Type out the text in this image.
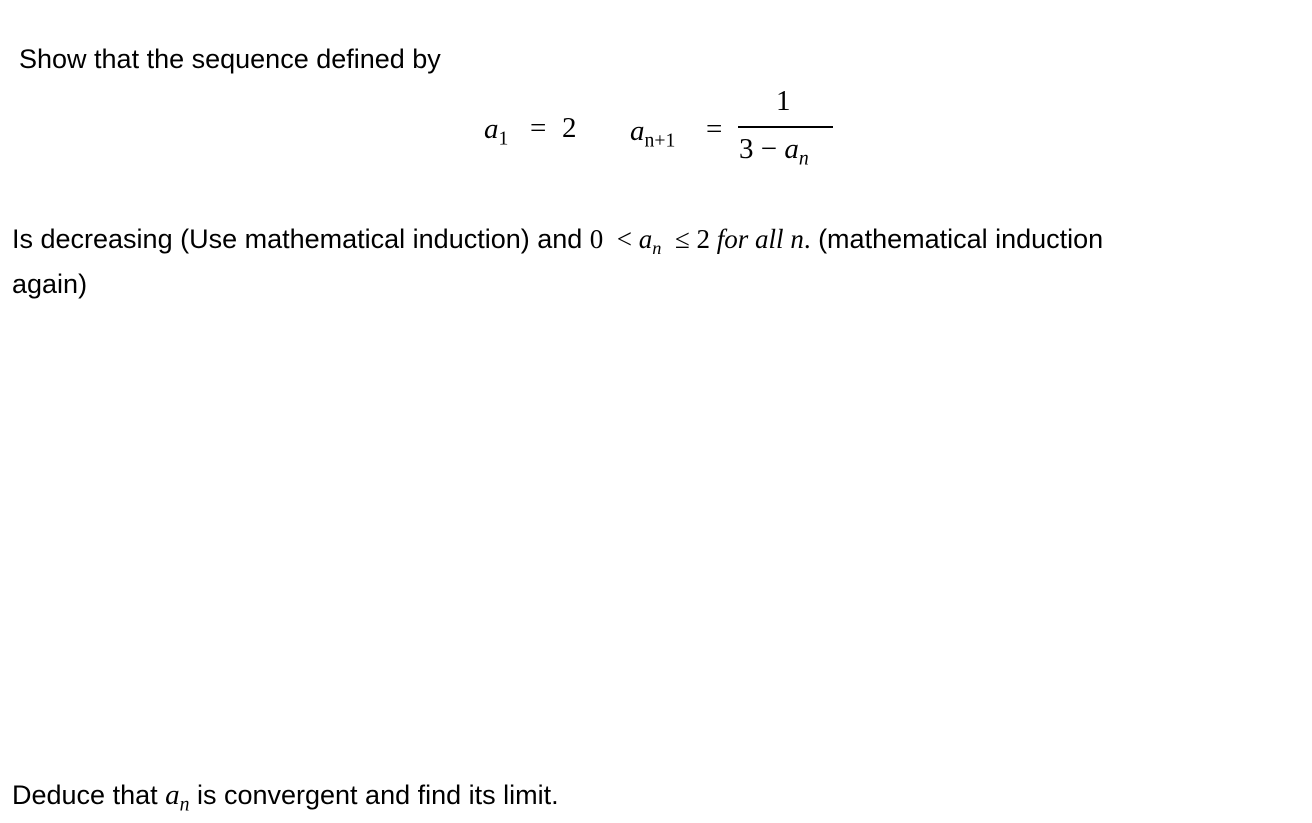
Show that the sequence defined by
$a_1 = 2$ $a_{n+1}$ =
1
$3 - a_n$
Is decreasing (Use mathematical induction) and $0 < a_n \le 2$ for all n. (mathematical induction
again)
Deduce that $a_n$ is convergent and find its limit.
